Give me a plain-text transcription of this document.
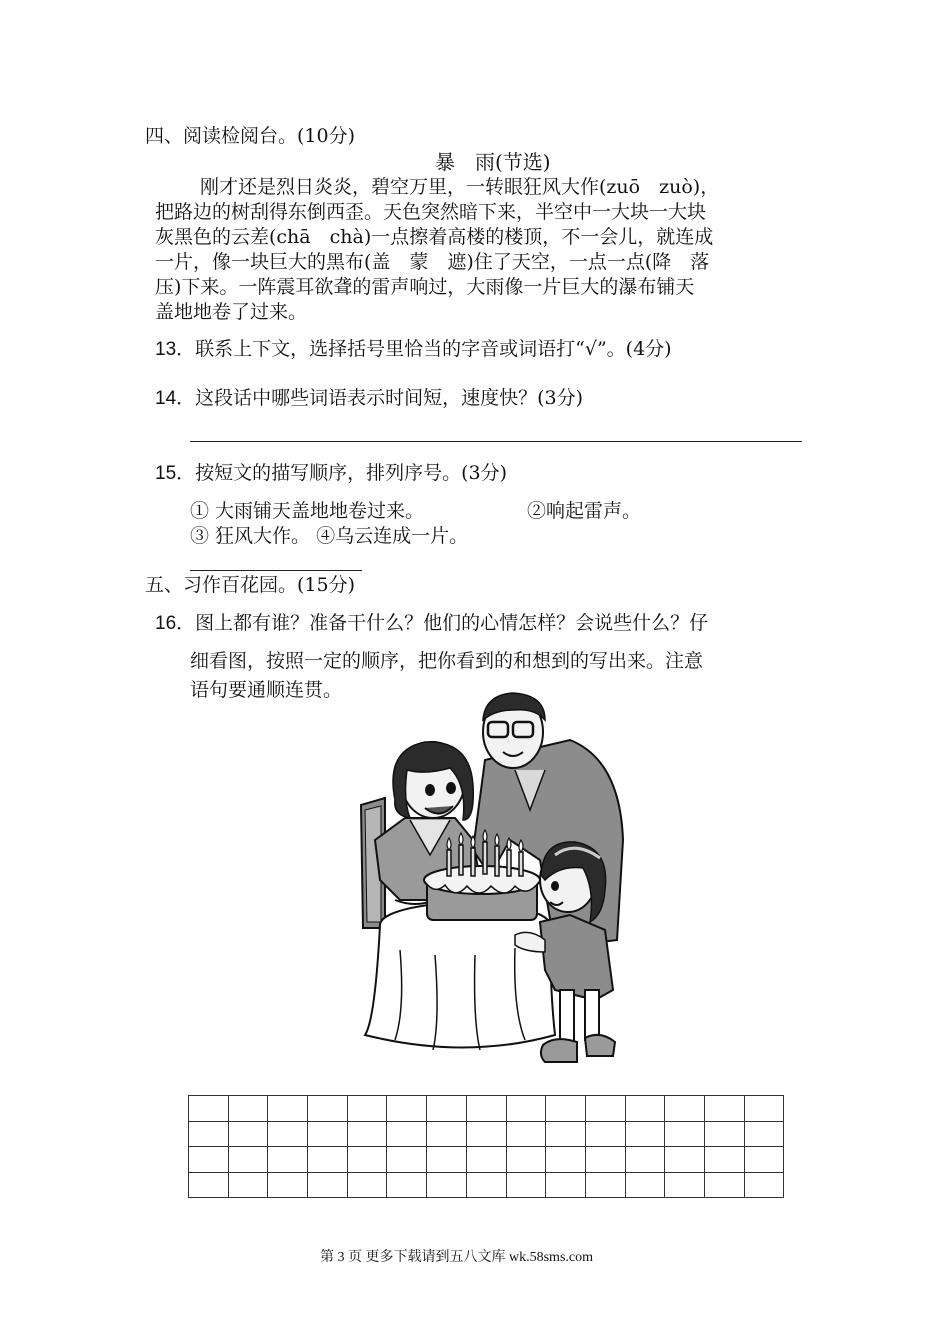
四、阅读检阅台。(10分)
暴　雨(节选)
刚才还是烈日炎炎，碧空万里，一转眼狂风大作(zuō　zuò)，
把路边的树刮得东倒西歪。天色突然暗下来，半空中一大块一大块
灰黑色的云差(chā　chà)一点擦着高楼的楼顶，不一会儿，就连成
一片，像一块巨大的黑布(盖　蒙　遮)住了天空，一点一点(降　落
压)下来。一阵震耳欲聋的雷声响过，大雨像一片巨大的瀑布铺天
盖地地卷了过来。
13．联系上下文，选择括号里恰当的字音或词语打“√”。(4分)
14．这段话中哪些词语表示时间短，速度快？(3分)
15．按短文的描写顺序，排列序号。(3分)
① 大雨铺天盖地地卷过来。	②响起雷声。
③ 狂风大作。 ④乌云连成一片。
五、习作百花园。(15分)
16．图上都有谁？准备干什么？他们的心情怎样？会说些什么？仔
细看图，按照一定的顺序，把你看到的和想到的写出来。注意
语句要通顺连贯。

第 3 页 更多下载请到五八文库 wk.58sms.com
